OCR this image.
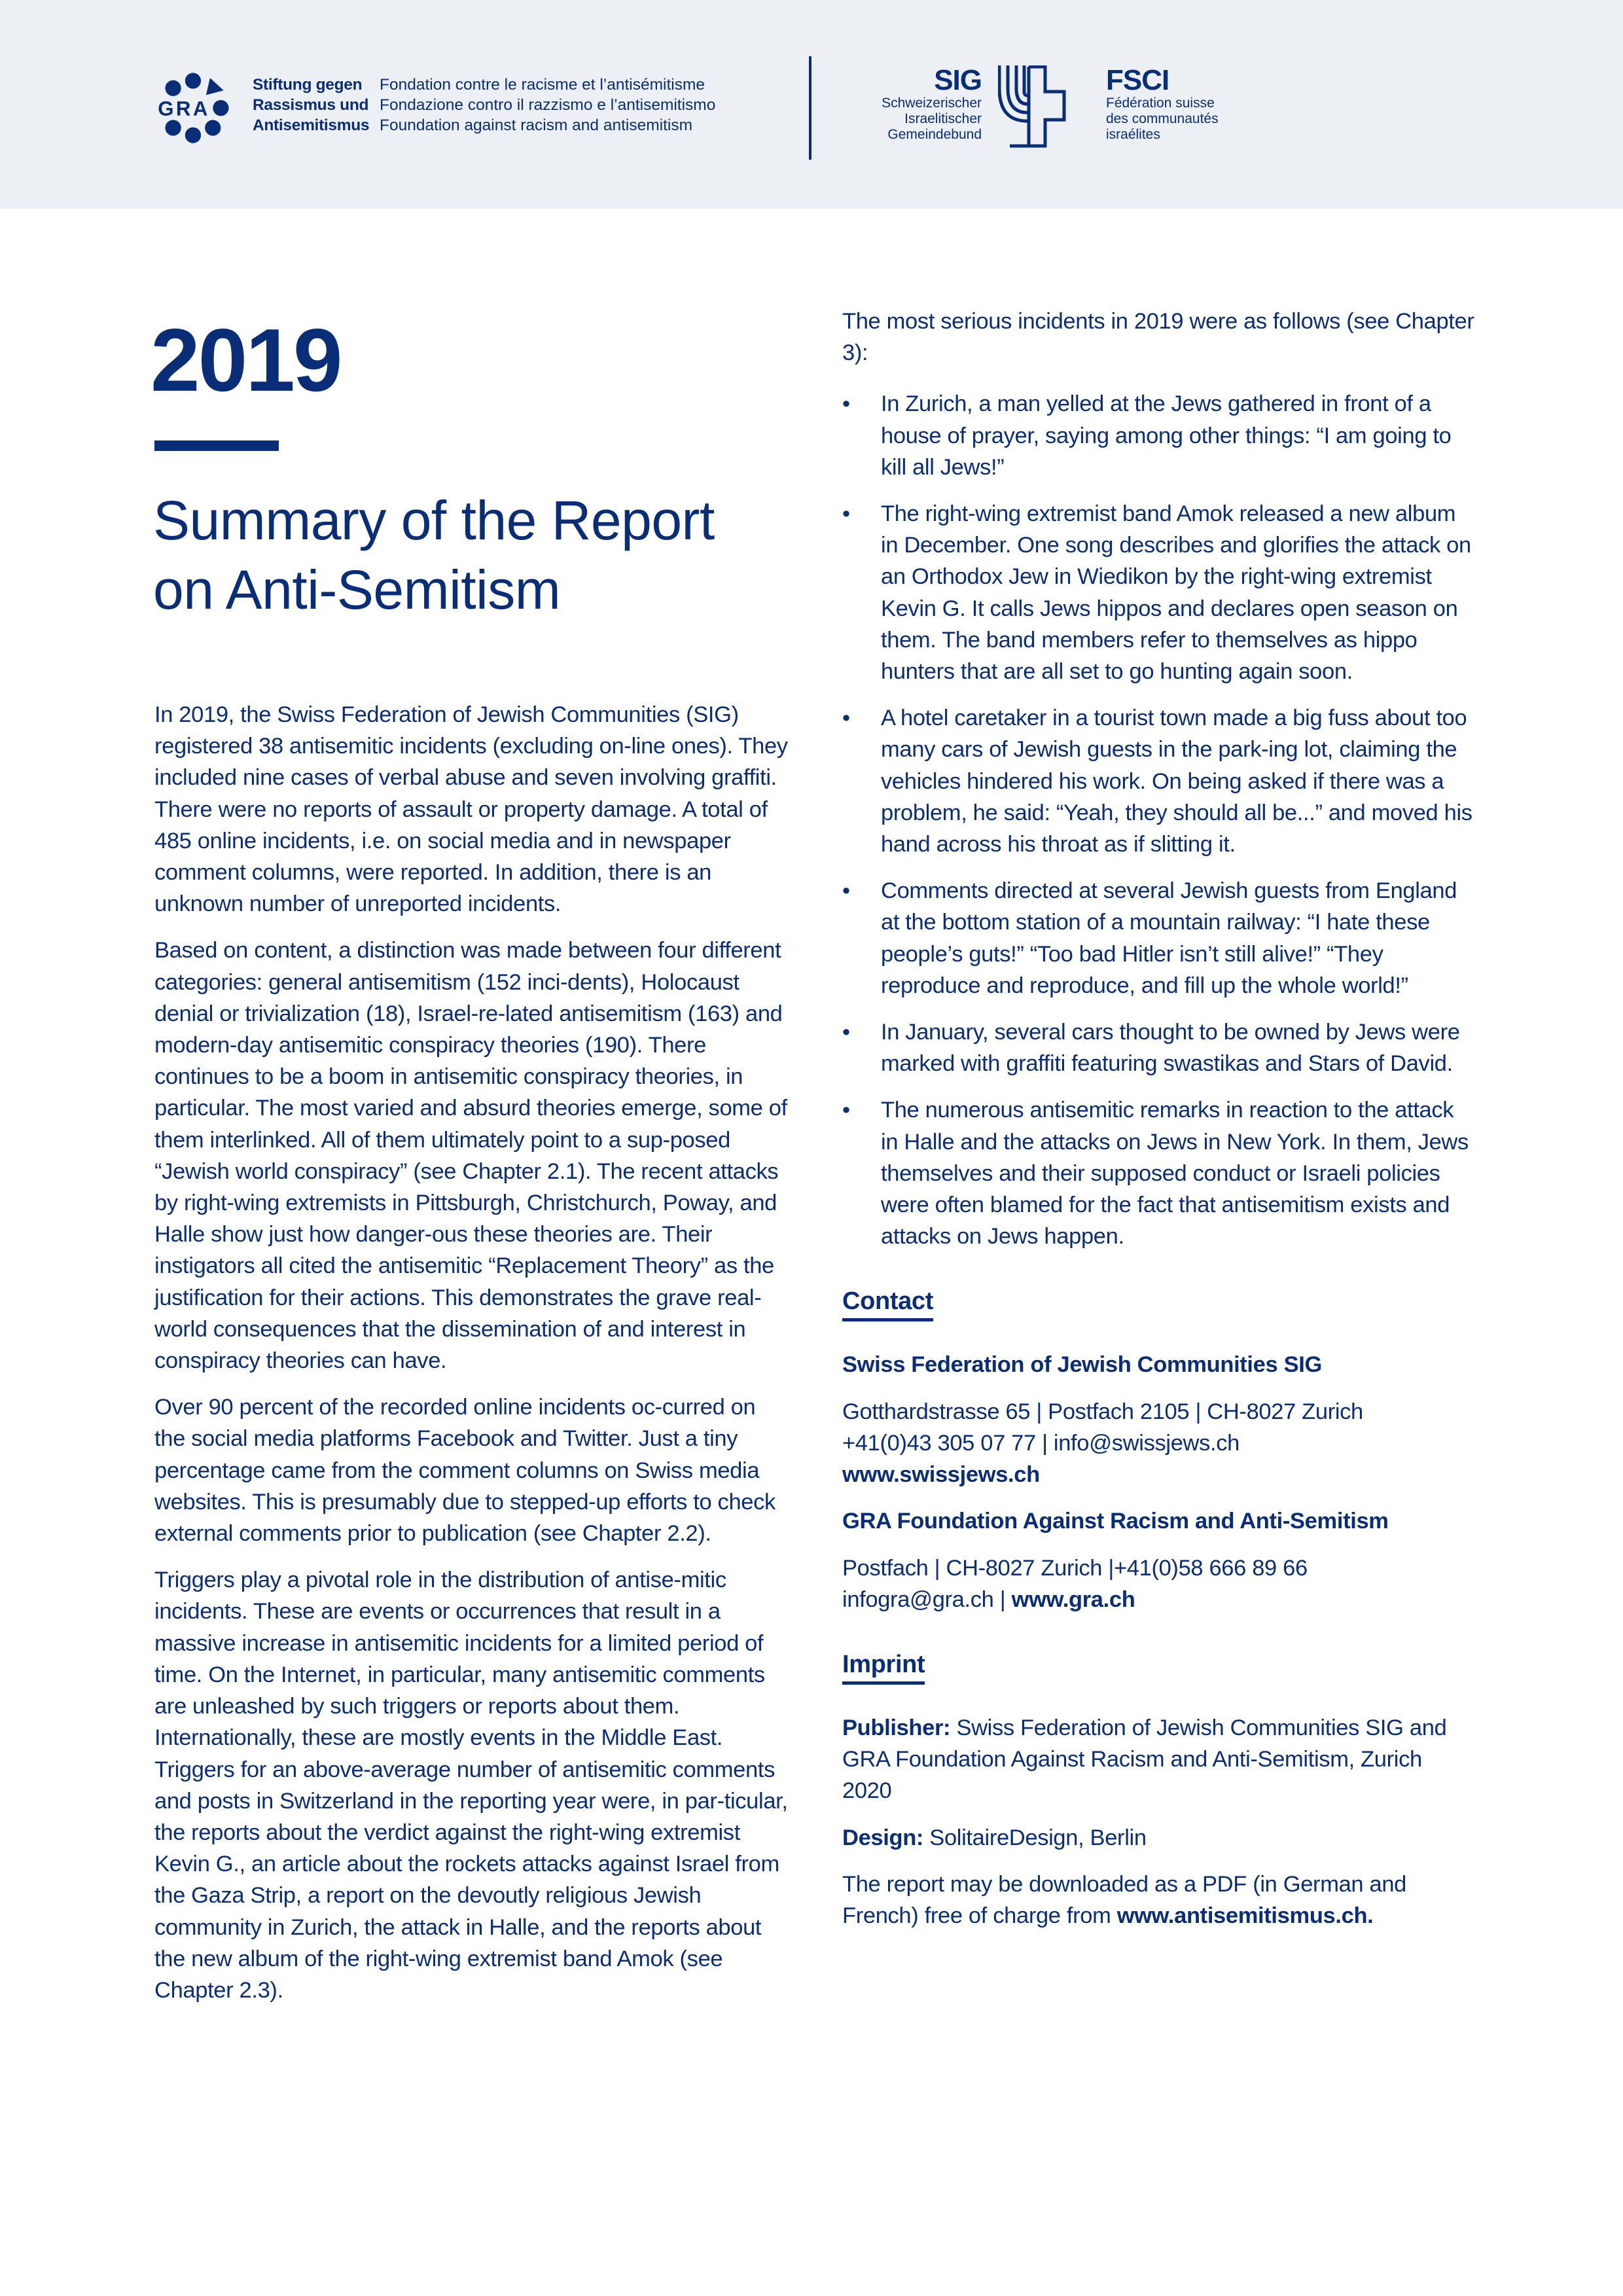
GRA
Stiftung gegen
Rassismus und
Antisemitismus
Fondation contre le racisme et l’antisémitisme
Fondazione contro il razzismo e l’antisemitismo
Foundation against racism and antisemitism
SIG
Schweizerischer
Israelitischer
Gemeindebund
FSCI
Fédération suisse
des communautés
israélites
2019
Summary of the Report
on Anti-Semitism

In 2019, the Swiss Federation of Jewish Communities (SIG) registered 38 antisemitic incidents (excluding on-line ones). They included nine cases of verbal abuse and seven involving graffiti. There were no reports of assault or property damage. A total of 485 online incidents, i.e. on social media and in newspaper comment columns, were reported. In addition, there is an unknown number of unreported incidents.

Based on content, a distinction was made between four different categories: general antisemitism (152 inci-dents), Holocaust denial or trivialization (18), Israel-re-lated antisemitism (163) and modern-day antisemitic conspiracy theories (190). There continues to be a boom in antisemitic conspiracy theories, in particular. The most varied and absurd theories emerge, some of them interlinked. All of them ultimately point to a sup-posed “Jewish world conspiracy” (see Chapter 2.1). The recent attacks by right-wing extremists in Pittsburgh, Christchurch, Poway, and Halle show just how danger-ous these theories are. Their instigators all cited the antisemitic “Replacement Theory” as the justification for their actions. This demonstrates the grave real-world consequences that the dissemination of and interest in conspiracy theories can have.

Over 90 percent of the recorded online incidents oc-curred on the social media platforms Facebook and Twitter. Just a tiny percentage came from the comment columns on Swiss media websites. This is presumably due to stepped-up efforts to check external comments prior to publication (see Chapter 2.2).

Triggers play a pivotal role in the distribution of antise-mitic incidents. These are events or occurrences that result in a massive increase in antisemitic incidents for a limited period of time. On the Internet, in particular, many antisemitic comments are unleashed by such triggers or reports about them. Internationally, these are mostly events in the Middle East. Triggers for an above-average number of antisemitic comments and posts in Switzerland in the reporting year were, in par-ticular, the reports about the verdict against the right-wing extremist Kevin G., an article about the rockets attacks against Israel from the Gaza Strip, a report on the devoutly religious Jewish community in Zurich, the attack in Halle, and the reports about the new album of the right-wing extremist band Amok (see Chapter 2.3).

The most serious incidents in 2019 were as follows (see Chapter 3):

• In Zurich, a man yelled at the Jews gathered in front of a house of prayer, saying among other things: “I am going to kill all Jews!”
• The right-wing extremist band Amok released a new album in December. One song describes and glorifies the attack on an Orthodox Jew in Wiedikon by the right-wing extremist Kevin G. It calls Jews hippos and declares open season on them. The band members refer to themselves as hippo hunters that are all set to go hunting again soon.
• A hotel caretaker in a tourist town made a big fuss about too many cars of Jewish guests in the park-ing lot, claiming the vehicles hindered his work. On being asked if there was a problem, he said: “Yeah, they should all be...” and moved his hand across his throat as if slitting it.
• Comments directed at several Jewish guests from England at the bottom station of a mountain railway: “I hate these people’s guts!” “Too bad Hitler isn’t still alive!” “They reproduce and reproduce, and fill up the whole world!”
• In January, several cars thought to be owned by Jews were marked with graffiti featuring swastikas and Stars of David.
• The numerous antisemitic remarks in reaction to the attack in Halle and the attacks on Jews in New York. In them, Jews themselves and their supposed conduct or Israeli policies were often blamed for the fact that antisemitism exists and attacks on Jews happen.
Contact

Swiss Federation of Jewish Communities SIG

Gotthardstrasse 65 | Postfach 2105 | CH-8027 Zurich
+41(0)43 305 07 77 | info@swissjews.ch
www.swissjews.ch

GRA Foundation Against Racism and Anti-Semitism

Postfach | CH-8027 Zurich |+41(0)58 666 89 66
infogra@gra.ch | www.gra.ch

Imprint

Publisher: Swiss Federation of Jewish Communities SIG and GRA Foundation Against Racism and Anti-Semitism, Zurich 2020

Design: SolitaireDesign, Berlin

The report may be downloaded as a PDF (in German and French) free of charge from www.antisemitismus.ch.
